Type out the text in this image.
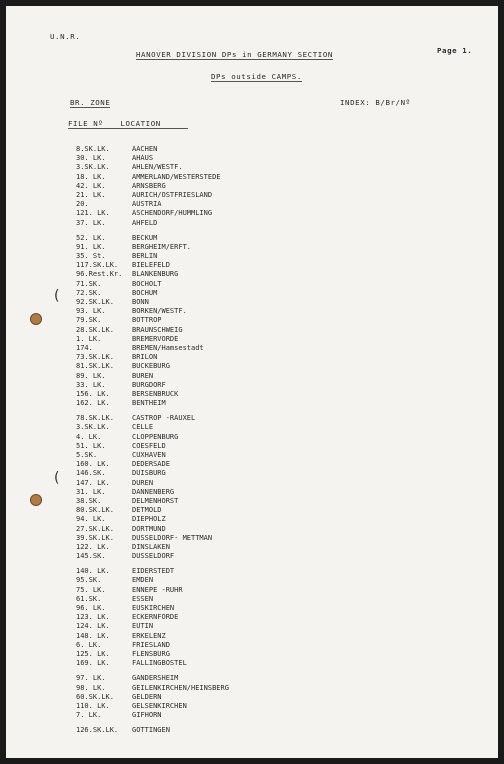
U.N.R.
HANOVER DIVISION DPs in GERMANY SECTION	Page 1.
DPs outside CAMPS.
BR. ZONE	INDEX: B/Br/Nº
FILE Nº LOCATION
8.SK.LK.	AACHEN
30. LK.	AHAUS
3.SK.LK.	AHLEN/WESTF.
18. LK.	AMMERLAND/WESTERSTEDE
42. LK.	ARNSBERG
21. LK.	AURICH/OSTFRIESLAND
20.	AUSTRIA
121. LK.	ASCHENDORF/HUMMLING
37. LK.	AHFELD
52. LK.	BECKUM
91. LK.	BERGHEIM/ERFT.
35. St.	BERLIN
117.SK.LK.	BIELEFELD
96.Rest.Kr.	BLANKENBURG
71.SK.	BOCHOLT
72.SK.	BOCHUM
92.SK.LK.	BONN
93. LK.	BORKEN/WESTF.
79.SK.	BOTTROP
28.SK.LK.	BRAUNSCHWEIG
1. LK.	BREMERVORDE
174.	BREMEN/Hamsestadt
73.SK.LK.	BRILON
81.SK.LK.	BUCKEBURG
89. LK.	BUREN
33. LK.	BURGDORF
156. LK.	BERSENBRUCK
162. LK.	BENTHEIM
78.SK.LK.	CASTROP -RAUXEL
3.SK.LK.	CELLE
4. LK.	CLOPPENBURG
51. LK.	COESFELD
5.SK.	CUXHAVEN
160. LK.	DEDERSADE
146.SK.	DUISBURG
147. LK.	DUREN
31. LK.	DANNENBERG
38.SK.	DELMENHORST
80.SK.LK.	DETMOLD
94. LK.	DIEPHOLZ
27.SK.LK.	DORTMUND
39.SK.LK.	DUSSELDORF- METTMAN
122. LK.	DINSLAKEN
145.SK.	DUSSELDORF
140. LK.	EIDERSTEDT
95.SK.	EMDEN
75. LK.	ENNEPE -RUHR
61.SK.	ESSEN
96. LK.	EUSKIRCHEN
123. LK.	ECKERNFORDE
124. LK.	EUTIN
148. LK.	ERKELENZ
6. LK.	FRIESLAND
125. LK.	FLENSBURG
169. LK.	FALLINGBOSTEL
97. LK.	GANDERSHEIM
98. LK.	GEILENKIRCHEN/HEINSBERG
60.SK.LK.	GELDERN
110. LK.	GELSENKIRCHEN
7. LK.	GIFHORN
126.SK.LK.	GOTTINGEN
(
(
